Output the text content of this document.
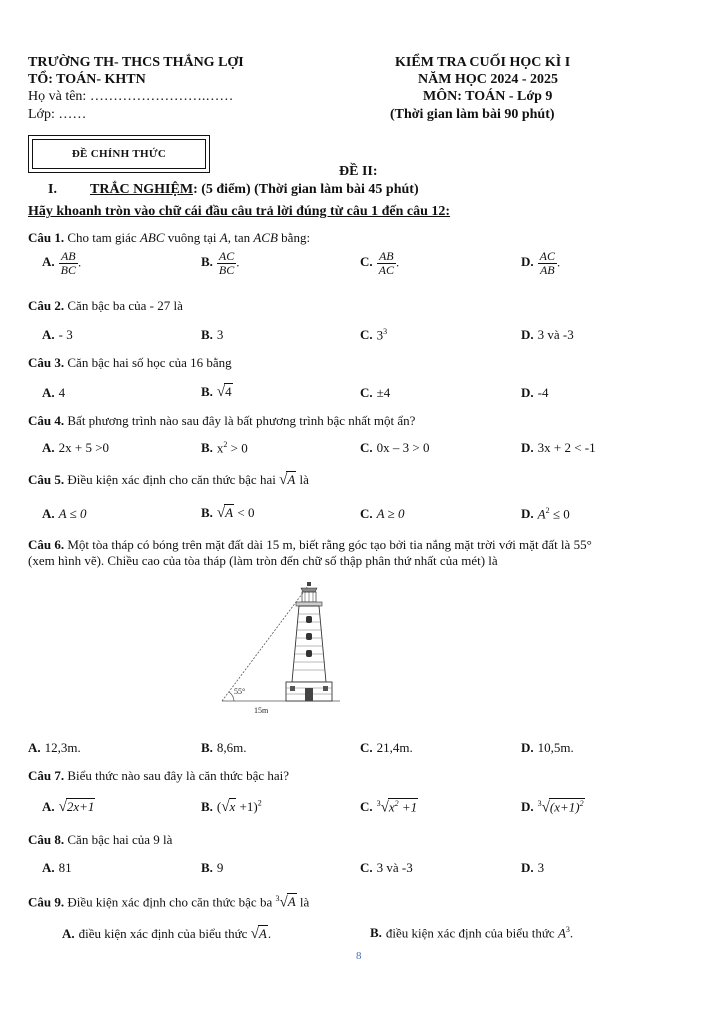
TRƯỜNG TH- THCS THẮNG LỢI
TỔ: TOÁN- KHTN
Họ và tên: …………………….……
Lớp: ……
KIỂM TRA CUỐI HỌC KÌ I
NĂM HỌC 2024 - 2025
MÔN: TOÁN - Lớp 9
(Thời gian làm bài 90 phút)
ĐỀ CHÍNH THỨC
ĐỀ II:
I. TRẮC NGHIỆM: (5 điểm) (Thời gian làm bài 45 phút)
Hãy khoanh tròn vào chữ cái đầu câu trả lời đúng từ câu 1 đến câu 12:
Câu 1. Cho tam giác ABC vuông tại A, tan ACB bằng:
A. $\frac{AB}{BC}$ .	B. $\frac{AC}{BC}$ .	C. $\frac{AB}{AC}$ .	D. $\frac{AC}{AB}$ .
Câu 2. Căn bậc ba của - 27 là
A. - 3	B. 3	C. $3^3$	D. 3 và -3
Câu 3. Căn bậc hai số học của 16 bằng
A. 4	B. √4	C. ±4	D. -4
Câu 4. Bất phương trình nào sau đây là bất phương trình bậc nhất một ẩn?
A. 2x + 5 >0	B. $x^2 > 0$	C. 0x – 3 > 0	D. 3x + 2 < -1
Câu 5. Điều kiện xác định cho căn thức bậc hai √A là
A. A ≤ 0	B. √A < 0	C. A ≥ 0	D. $A^2 \le 0$
Câu 6. Một tòa tháp có bóng trên mặt đất dài 15 m, biết rằng góc tạo bởi tia nắng mặt trời với mặt đất là 55°
(xem hình vẽ). Chiều cao của tòa tháp (làm tròn đến chữ số thập phân thứ nhất của mét) là
55°
15m
A. 12,3m.	B. 8,6m.	C. 21,4m.	D. 10,5m.
Câu 7. Biểu thức nào sau đây là căn thức bậc hai?
A. √2x+1	B. $(√x +1)^2$	C. $^3√x^2 +1$	D. $^3√(x+1)^2$
Câu 8. Căn bậc hai của 9 là
A. 81	B. 9	C. 3 và -3	D. 3
Câu 9. Điều kiện xác định cho căn thức bậc ba $^3$√A là
A. điều kiện xác định của biểu thức √A.	B. điều kiện xác định của biểu thức $A^3$.
8
